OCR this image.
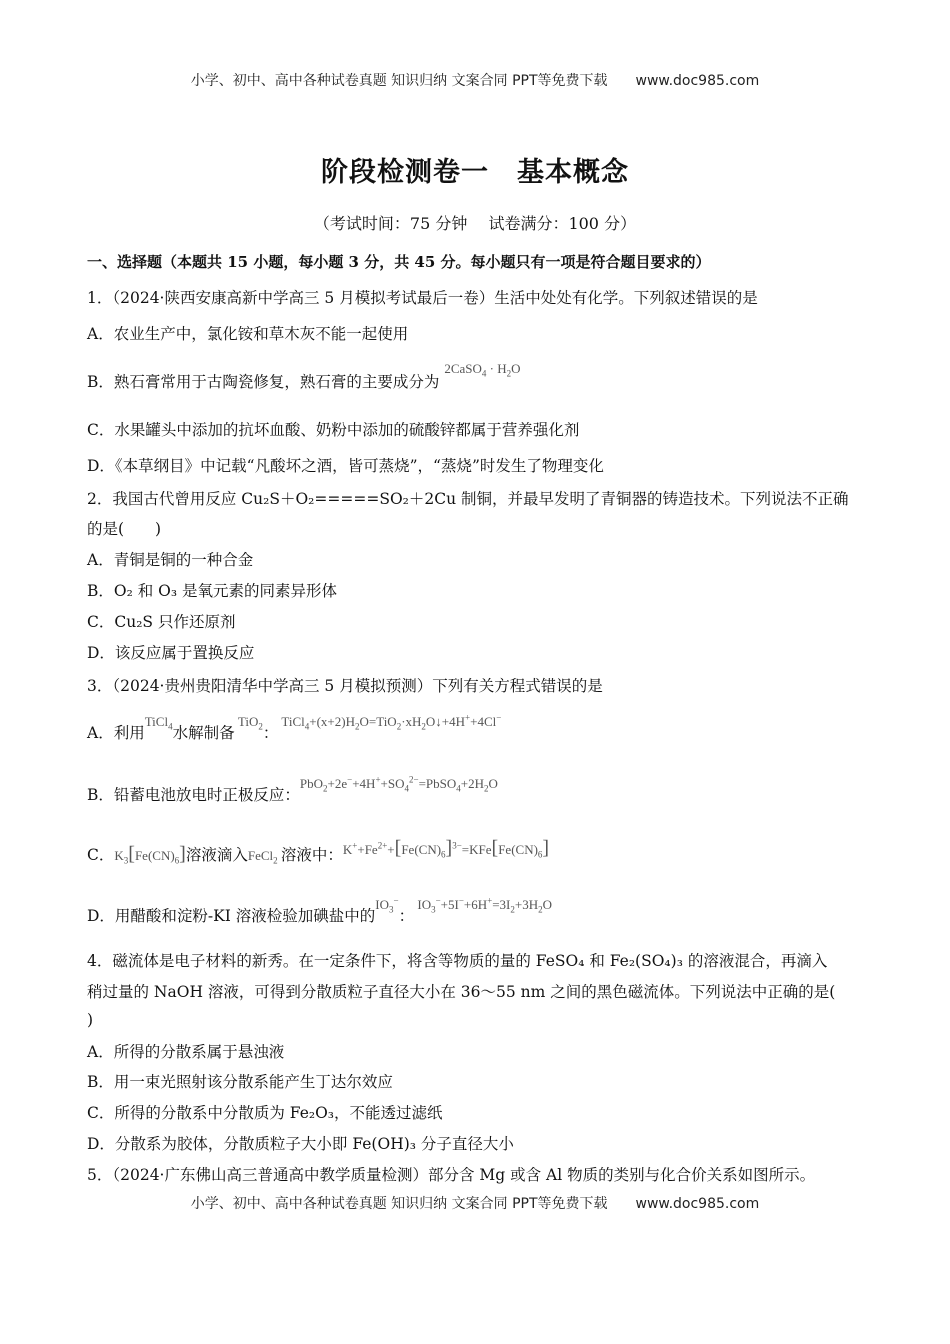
小学、初中、高中各种试卷真题 知识归纳 文案合同 PPT等免费下载 www.doc985.com
阶段检测卷一　基本概念
（考试时间：75 分钟　 试卷满分：100 分）
一、选择题（本题共 15 小题，每小题 3 分，共 45 分。每小题只有一项是符合题目要求的）
1．（2024·陕西安康高新中学高三 5 月模拟考试最后一卷）生活中处处有化学。下列叙述错误的是
A．农业生产中，氯化铵和草木灰不能一起使用
B．熟石膏常用于古陶瓷修复，熟石膏的主要成分为 $^{2CaSO_4 \cdot H_2O}$
C．水果罐头中添加的抗坏血酸、奶粉中添加的硫酸锌都属于营养强化剂
D．《本草纲目》中记载“凡酸坏之酒，皆可蒸烧”，“蒸烧”时发生了物理变化
2．我国古代曾用反应 Cu₂S＋O₂=====SO₂＋2Cu 制铜，并最早发明了青铜器的铸造技术。下列说法不正确
的是(　　)
A．青铜是铜的一种合金
B．O₂ 和 O₃ 是氧元素的同素异形体
C．Cu₂S 只作还原剂
D．该反应属于置换反应
3．（2024·贵州贵阳清华中学高三 5 月模拟预测）下列有关方程式错误的是
A．利用$^{TiCl_4}$水解制备 $^{TiO_2}$： $^{TiCl_4+(x+2)H_2O=TiO_2\cdot xH_2O↓+4H^++4Cl^-}$
B．铅蓄电池放电时正极反应：$^{PbO_2+2e^-+4H^++SO_4^{2-}=PbSO_4+2H_2O}$
C．$K_3[Fe(CN)_6]$溶液滴入FeCl$_2$ 溶液中：$^{K^++Fe^{2+}+[Fe(CN)_6]^{3-}=KFe[Fe(CN)_6]}$
D．用醋酸和淀粉-KI 溶液检验加碘盐中的$^{IO_3^-}$： $^{IO_3^-+5I^-+6H^+=3I_2+3H_2O}$
4．磁流体是电子材料的新秀。在一定条件下，将含等物质的量的 FeSO₄ 和 Fe₂(SO₄)₃ 的溶液混合，再滴入
稍过量的 NaOH 溶液，可得到分散质粒子直径大小在 36～55 nm 之间的黑色磁流体。下列说法中正确的是(
)
A．所得的分散系属于悬浊液
B．用一束光照射该分散系能产生丁达尔效应
C．所得的分散系中分散质为 Fe₂O₃，不能透过滤纸
D．分散系为胶体，分散质粒子大小即 Fe(OH)₃ 分子直径大小
5．（2024·广东佛山高三普通高中教学质量检测）部分含 Mg 或含 Al 物质的类别与化合价关系如图所示。
小学、初中、高中各种试卷真题 知识归纳 文案合同 PPT等免费下载 www.doc985.com
